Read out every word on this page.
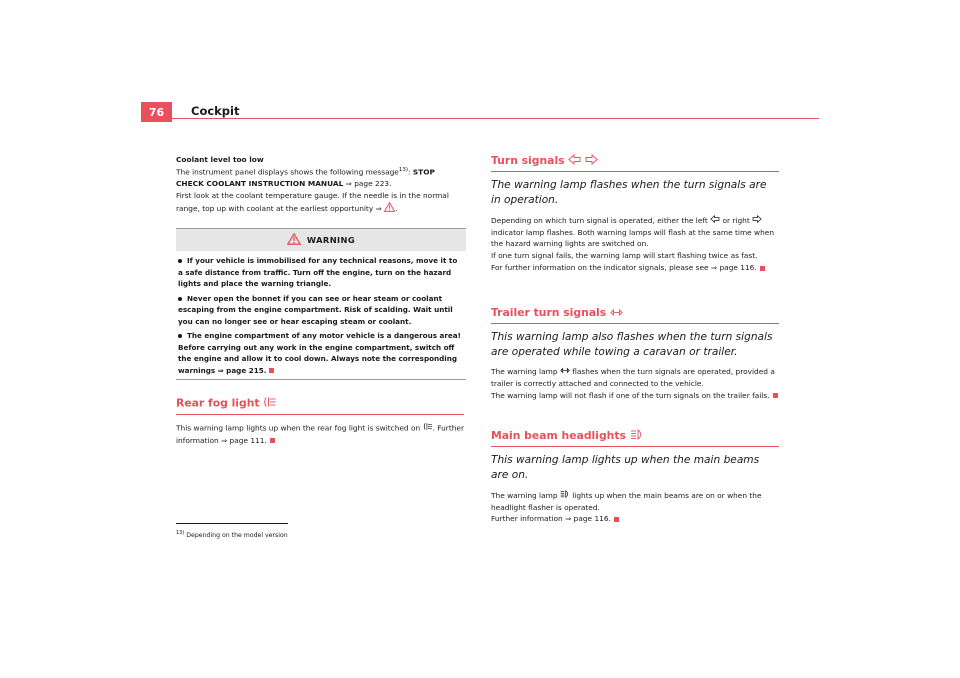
76	Cockpit

Coolant level too low

The instrument panel displays shows the following message$^{13)}$: STOP CHECK COOLANT INSTRUCTION MANUAL ⇒ page 223.

First look at the coolant temperature gauge. If the needle is in the normal range, top up with coolant at the earliest opportunity ⇒ .

WARNING
If your vehicle is immobilised for any technical reasons, move it to a safe distance from traffic. Turn off the engine, turn on the hazard lights and place the warning triangle.
Never open the bonnet if you can see or hear steam or coolant escaping from the engine compartment. Risk of scalding. Wait until you can no longer see or hear escaping steam or coolant.
The engine compartment of any motor vehicle is a dangerous area! Before carrying out any work in the engine compartment, switch off the engine and allow it to cool down. Always note the corresponding warnings ⇒ page 215.
Rear fog light
This warning lamp lights up when the rear fog light is switched on . Further information ⇒ page 111.
$^{13)}$ Depending on the model version
Turn signals
The warning lamp flashes when the turn signals are in operation.

Depending on which turn signal is operated, either the left  or right  indicator lamp flashes. Both warning lamps will flash at the same time when the hazard warning lights are switched on.

If one turn signal fails, the warning lamp will start flashing twice as fast.

For further information on the indicator signals, please see ⇒ page 116.

Trailer turn signals
This warning lamp also flashes when the turn signals are operated while towing a caravan or trailer.

The warning lamp  flashes when the turn signals are operated, provided a trailer is correctly attached and connected to the vehicle.

The warning lamp will not flash if one of the turn signals on the trailer fails.

Main beam headlights
This warning lamp lights up when the main beams are on.

The warning lamp  lights up when the main beams are on or when the headlight flasher is operated.

Further information ⇒ page 116.
